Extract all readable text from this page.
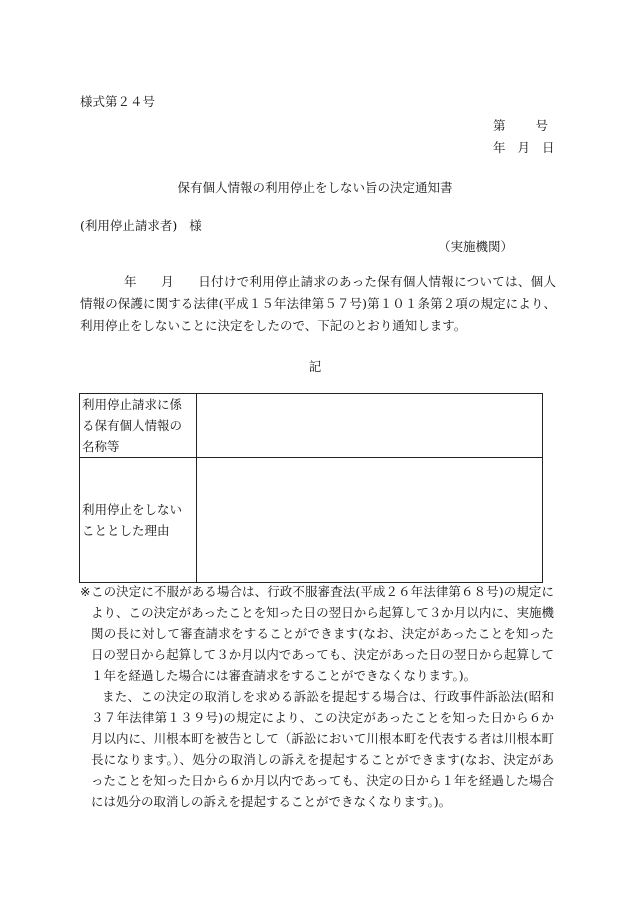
様式第２４号
第 号
年 月 日
保有個人情報の利用停止をしない旨の決定通知書
(利用停止請求者) 様
（実施機関）
年 月 日付けで利用停止請求のあった保有個人情報については、個人情報の保護に関する法律(平成１５年法律第５７号)第１０１条第２項の規定により、利用停止をしないことに決定をしたので、下記のとおり通知します。
記
利用停止請求に係る保有個人情報の名称等	
利用停止をしないこととした理由	
※ この決定に不服がある場合は、行政不服審査法(平成２６年法律第６８号)の規定により、この決定があったことを知った日の翌日から起算して３か月以内に、実施機関の長に対して審査請求をすることができます(なお、決定があったことを知った日の翌日から起算して３か月以内であっても、決定があった日の翌日から起算して１年を経過した場合には審査請求をすることができなくなります。)。
また、この決定の取消しを求める訴訟を提起する場合は、行政事件訴訟法(昭和３７年法律第１３９号)の規定により、この決定があったことを知った日から６か月以内に、川根本町を被告として（訴訟において川根本町を代表する者は川根本町長になります。）、処分の取消しの訴えを提起することができます(なお、決定があったことを知った日から６か月以内であっても、決定の日から１年を経過した場合には処分の取消しの訴えを提起することができなくなります。)。
